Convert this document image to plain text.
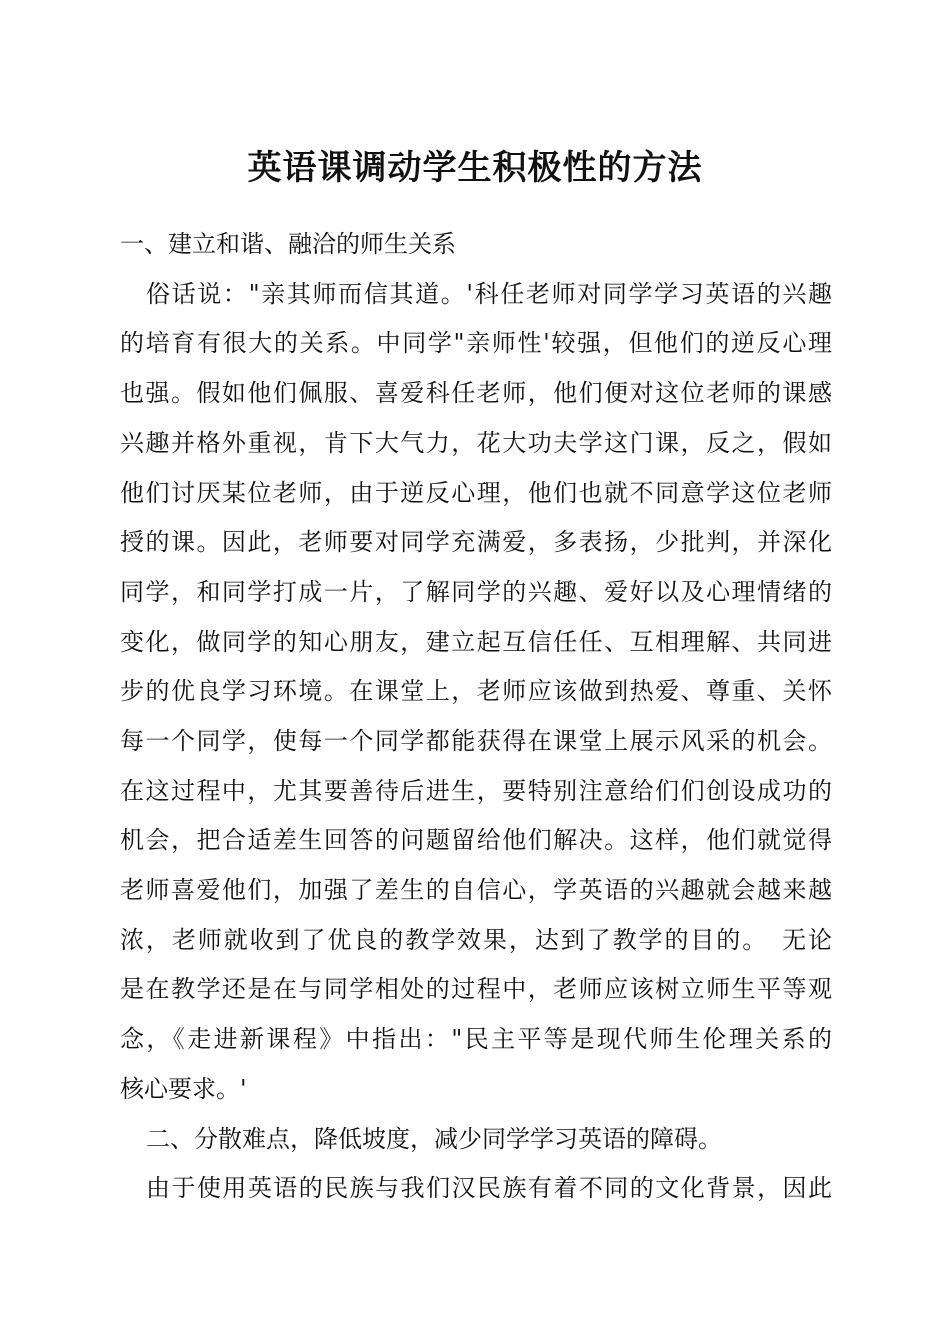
英语课调动学生积极性的方法
一、建立和谐、融洽的师生关系
俗话说："亲其师而信其道。'科任老师对同学学习英语的兴趣
的培育有很大的关系。中同学"亲师性'较强，但他们的逆反心理
也强。假如他们佩服、喜爱科任老师，他们便对这位老师的课感
兴趣并格外重视，肯下大气力，花大功夫学这门课，反之，假如
他们讨厌某位老师，由于逆反心理，他们也就不同意学这位老师
授的课。因此，老师要对同学充满爱，多表扬，少批判，并深化
同学，和同学打成一片，了解同学的兴趣、爱好以及心理情绪的
变化，做同学的知心朋友，建立起互信任任、互相理解、共同进
步的优良学习环境。在课堂上，老师应该做到热爱、尊重、关怀
每一个同学，使每一个同学都能获得在课堂上展示风采的机会。
在这过程中，尤其要善待后进生，要特别注意给们们创设成功的
机会，把合适差生回答的问题留给他们解决。这样，他们就觉得
老师喜爱他们，加强了差生的自信心，学英语的兴趣就会越来越
浓，老师就收到了优良的教学效果，达到了教学的目的。　无论
是在教学还是在与同学相处的过程中，老师应该树立师生平等观
念，《走进新课程》中指出："民主平等是现代师生伦理关系的
核心要求。'
二、分散难点，降低坡度，减少同学学习英语的障碍。
由于使用英语的民族与我们汉民族有着不同的文化背景，因此
